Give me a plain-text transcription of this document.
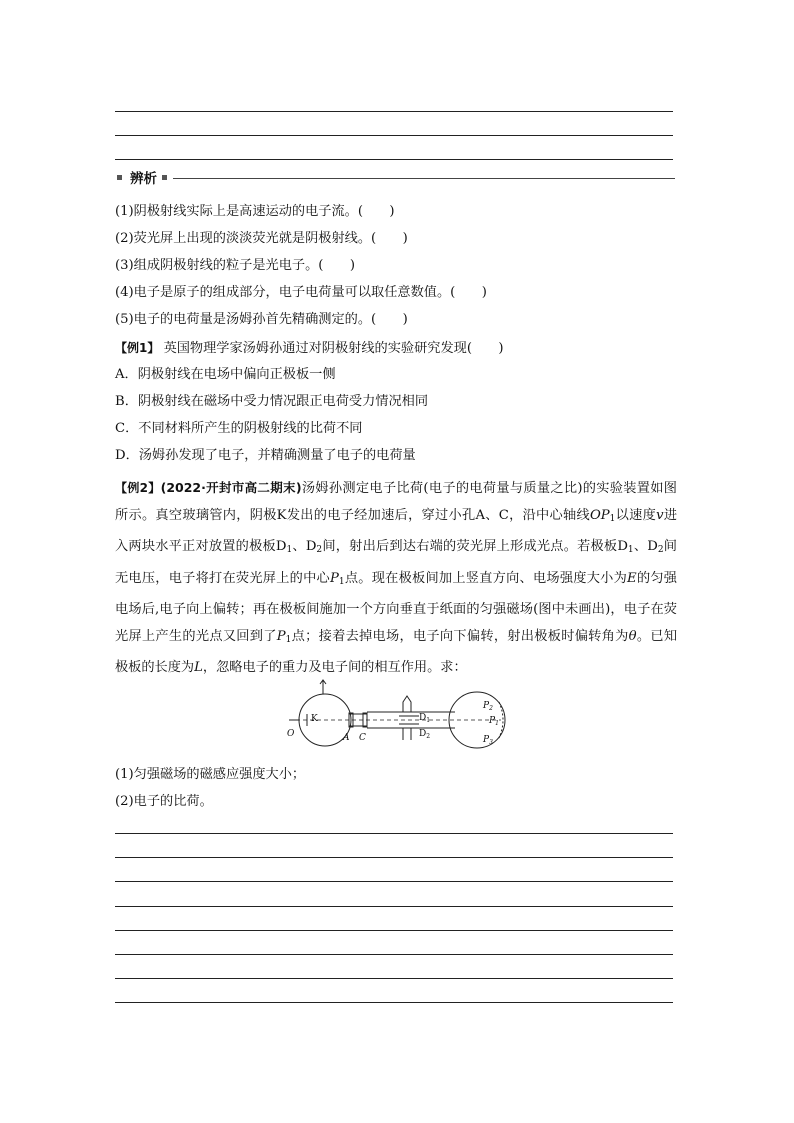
辨析
(1)阴极射线实际上是高速运动的电子流。(　　)
(2)荧光屏上出现的淡淡荧光就是阴极射线。(　　)
(3)组成阴极射线的粒子是光电子。(　　)
(4)电子是原子的组成部分，电子电荷量可以取任意数值。(　　)
(5)电子的电荷量是汤姆孙首先精确测定的。(　　)
【例1】 英国物理学家汤姆孙通过对阴极射线的实验研究发现(　　)
A．阴极射线在电场中偏向正极板一侧
B．阴极射线在磁场中受力情况跟正电荷受力情况相同
C．不同材料所产生的阴极射线的比荷不同
D．汤姆孙发现了电子，并精确测量了电子的电荷量
【例2】(2022·开封市高二期末)汤姆孙测定电子比荷(电子的电荷量与质量之比)的实验装置如图所示。真空玻璃管内，阴极K发出的电子经加速后，穿过小孔A、C，沿中心轴线$OP_1$以速度v进入两块水平正对放置的极板$D_1$、$D_2$间，射出后到达右端的荧光屏上形成光点。若极板$D_1$、$D_2$间无电压，电子将打在荧光屏上的中心$P_1$点。现在极板间加上竖直方向、电场强度大小为E的匀强电场后,电子向上偏转；再在极板间施加一个方向垂直于纸面的匀强磁场(图中未画出)，电子在荧光屏上产生的光点又回到了$P_1$点；接着去掉电场，电子向下偏转，射出极板时偏转角为θ。已知极板的长度为L，忽略电子的重力及电子间的相互作用。求：
K
O	A C
$D_1$
$D_2$
$P_2$
$P_1$
$P_3$
(1)匀强磁场的磁感应强度大小；
(2)电子的比荷。
